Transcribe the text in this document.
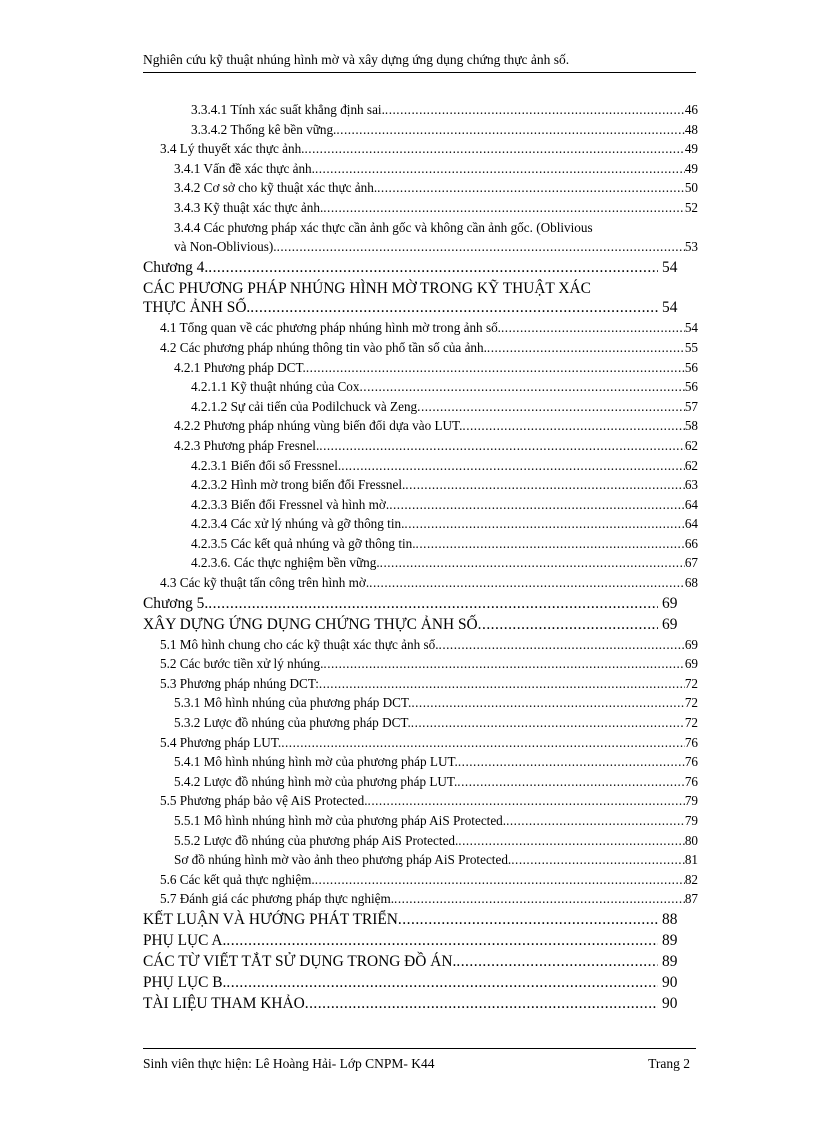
Nghiên cứu kỹ thuật nhúng hình mờ và xây dựng ứng dụng chứng thực ảnh số.
3.3.4.1 Tính xác suất khẳng định sai. .....	46
3.3.4.2 Thống kê bền vững. .....	48
3.4 Lý thuyết xác thực ảnh. .....	49
3.4.1 Vấn đề xác thực ảnh. .....	49
3.4.2 Cơ sở cho kỹ thuật xác thực ảnh. .....	50
3.4.3 Kỹ thuật xác thực ảnh. .....	52
3.4.4 Các phương pháp xác thực cần ảnh gốc và không cần ảnh gốc. (Oblivious
và Non-Oblivious). .....	53
Chương 4. .....	54
CÁC PHƯƠNG PHÁP NHÚNG HÌNH MỜ TRONG KỸ THUẬT XÁC
THỰC ẢNH SỐ. .....	54
4.1 Tổng quan về các phương pháp nhúng hình mờ trong ảnh số. .....	54
4.2 Các phương pháp nhúng thông tin vào phổ tần số của ảnh. .....	55
4.2.1 Phương pháp DCT. .....	56
4.2.1.1 Kỹ thuật nhúng của Cox .....	56
4.2.1.2 Sự cải tiến của Podilchuck và Zeng .....	57
4.2.2 Phương pháp nhúng vùng biến đổi dựa vào LUT. .....	58
4.2.3 Phương pháp Fresnel. .....	62
4.2.3.1 Biến đổi số Fressnel. .....	62
4.2.3.2 Hình mờ trong biến đổi Fressnel. .....	63
4.2.3.3 Biến đổi Fressnel và hình mờ. .....	64
4.2.3.4 Các xử lý nhúng và gỡ thông tin. .....	64
4.2.3.5 Các kết quả nhúng và gỡ thông tin. .....	66
4.2.3.6. Các thực nghiệm bền vững. .....	67
4.3 Các kỹ thuật tấn công trên hình mờ. .....	68
Chương 5. .....	69
XÂY DỰNG ỨNG DỤNG CHỨNG THỰC ẢNH SỐ .....	69
5.1 Mô hình chung cho các kỹ thuật xác thực ảnh số. .....	69
5.2 Các bước tiền xử lý nhúng. .....	69
5.3 Phương pháp nhúng DCT: .....	72
5.3.1 Mô hình nhúng của phương pháp DCT. .....	72
5.3.2 Lược đồ nhúng của phương pháp DCT. .....	72
5.4 Phương pháp LUT. .....	76
5.4.1 Mô hình nhúng hình mờ của phương pháp LUT. .....	76
5.4.2 Lược đồ nhúng hình mờ của phương pháp LUT. .....	76
5.5 Phương pháp bảo vệ AiS Protected. .....	79
5.5.1 Mô hình nhúng hình mờ của phương pháp AiS Protected. .....	79
5.5.2 Lược đồ nhúng của phương pháp AiS Protected. .....	80
Sơ đồ nhúng hình mờ vào ảnh theo phương pháp AiS Protected. .....	81
5.6 Các kết quả thực nghiệm. .....	82
5.7 Đánh giá các phương pháp thực nghiệm. .....	87
KẾT LUẬN VÀ HƯỚNG PHÁT TRIỂN .....	88
PHỤ LỤC A. .....	89
CÁC TỪ VIẾT TẮT SỬ DỤNG TRONG ĐỒ ÁN. .....	89
PHỤ LỤC B. .....	90
TÀI LIỆU THAM KHẢO .....	90
Sinh viên thực hiện: Lê Hoàng Hải- Lớp CNPM- K44	Trang 2
